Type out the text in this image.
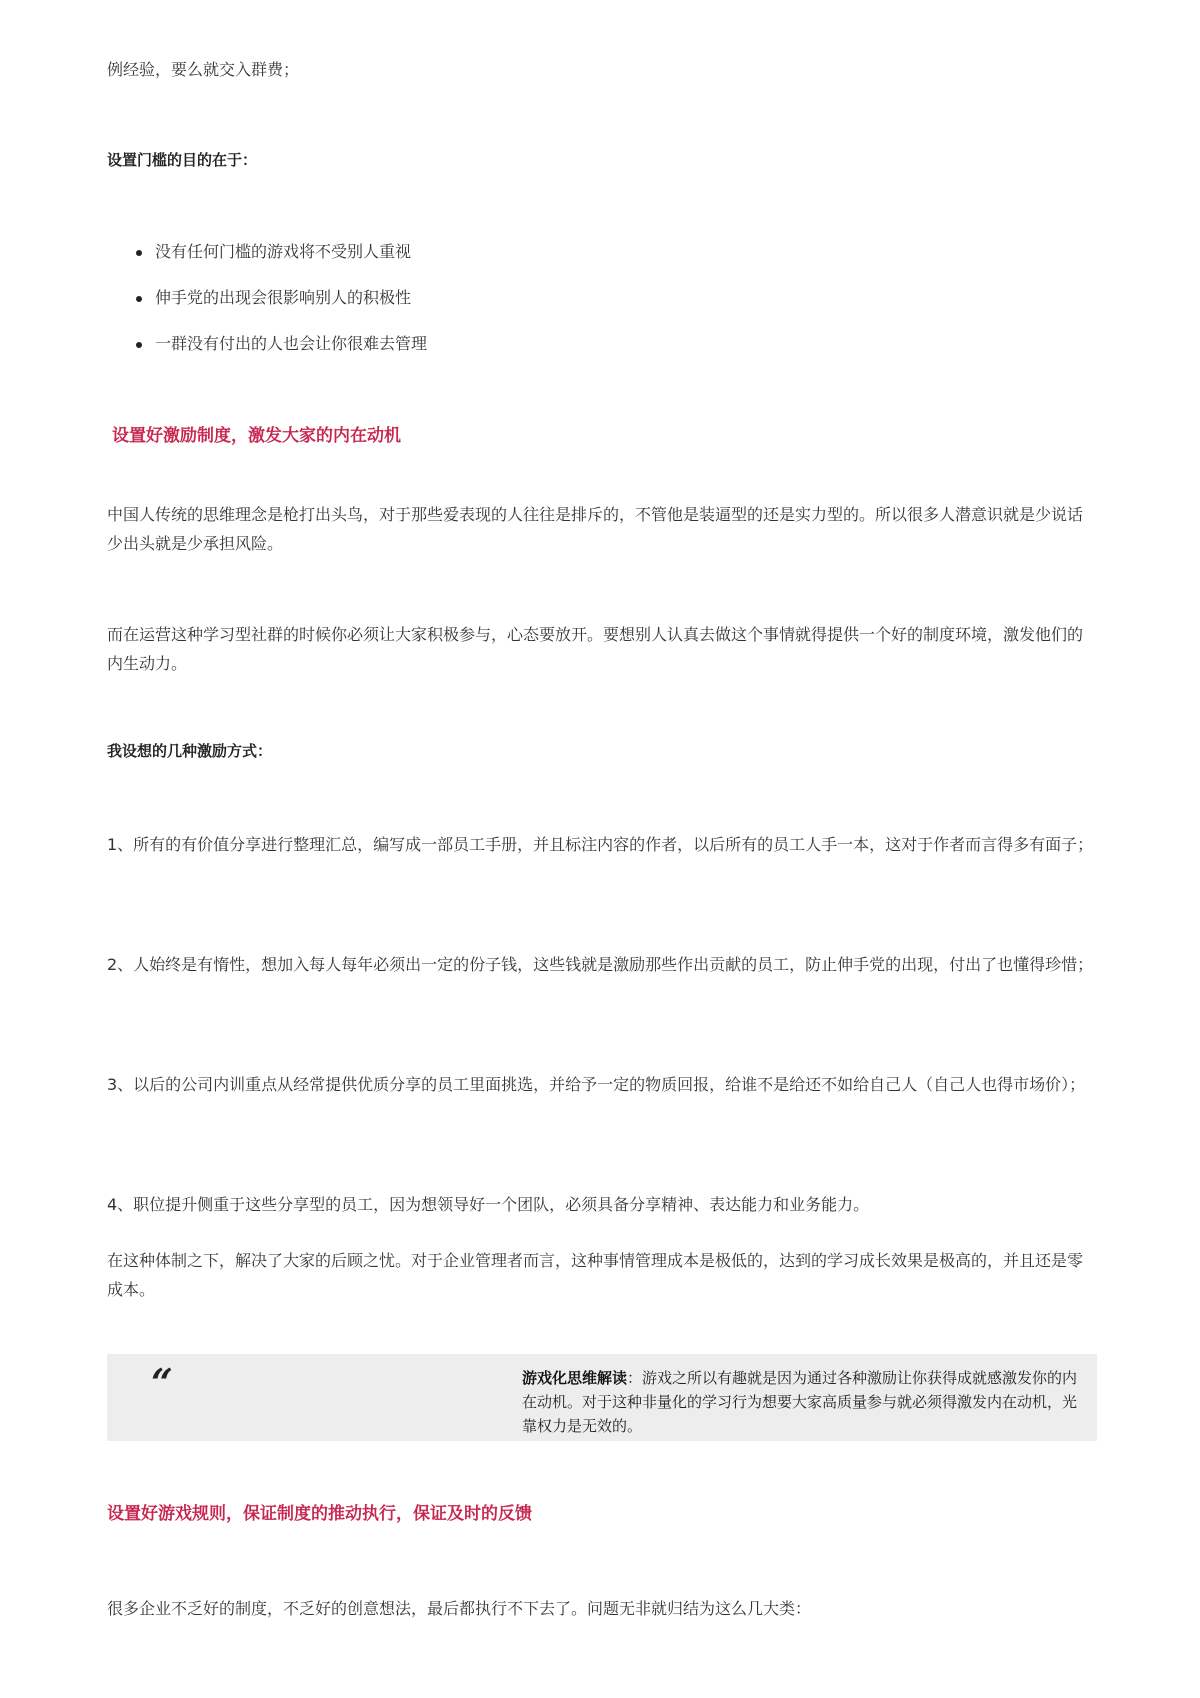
例经验，要么就交入群费；

设置门槛的目的在于：
没有任何门槛的游戏将不受别人重视
伸手党的出现会很影响别人的积极性
一群没有付出的人也会让你很难去管理
设置好激励制度，激发大家的内在动机

中国人传统的思维理念是枪打出头鸟，对于那些爱表现的人往往是排斥的，不管他是装逼型的还是实力型的。所以很多人潜意识就是少说话少出头就是少承担风险。

而在运营这种学习型社群的时候你必须让大家积极参与，心态要放开。要想别人认真去做这个事情就得提供一个好的制度环境，激发他们的内生动力。

我设想的几种激励方式：

1、所有的有价值分享进行整理汇总，编写成一部员工手册，并且标注内容的作者，以后所有的员工人手一本，这对于作者而言得多有面子；

2、人始终是有惰性，想加入每人每年必须出一定的份子钱，这些钱就是激励那些作出贡献的员工，防止伸手党的出现，付出了也懂得珍惜；

3、以后的公司内训重点从经常提供优质分享的员工里面挑选，并给予一定的物质回报，给谁不是给还不如给自己人（自己人也得市场价）；

4、职位提升侧重于这些分享型的员工，因为想领导好一个团队，必须具备分享精神、表达能力和业务能力。

在这种体制之下，解决了大家的后顾之忧。对于企业管理者而言，这种事情管理成本是极低的，达到的学习成长效果是极高的，并且还是零成本。

“	游戏化思维解读：游戏之所以有趣就是因为通过各种激励让你获得成就感激发你的内在动机。对于这种非量化的学习行为想要大家高质量参与就必须得激发内在动机，光靠权力是无效的。
设置好游戏规则，保证制度的推动执行，保证及时的反馈

很多企业不乏好的制度，不乏好的创意想法，最后都执行不下去了。问题无非就归结为这么几大类：
